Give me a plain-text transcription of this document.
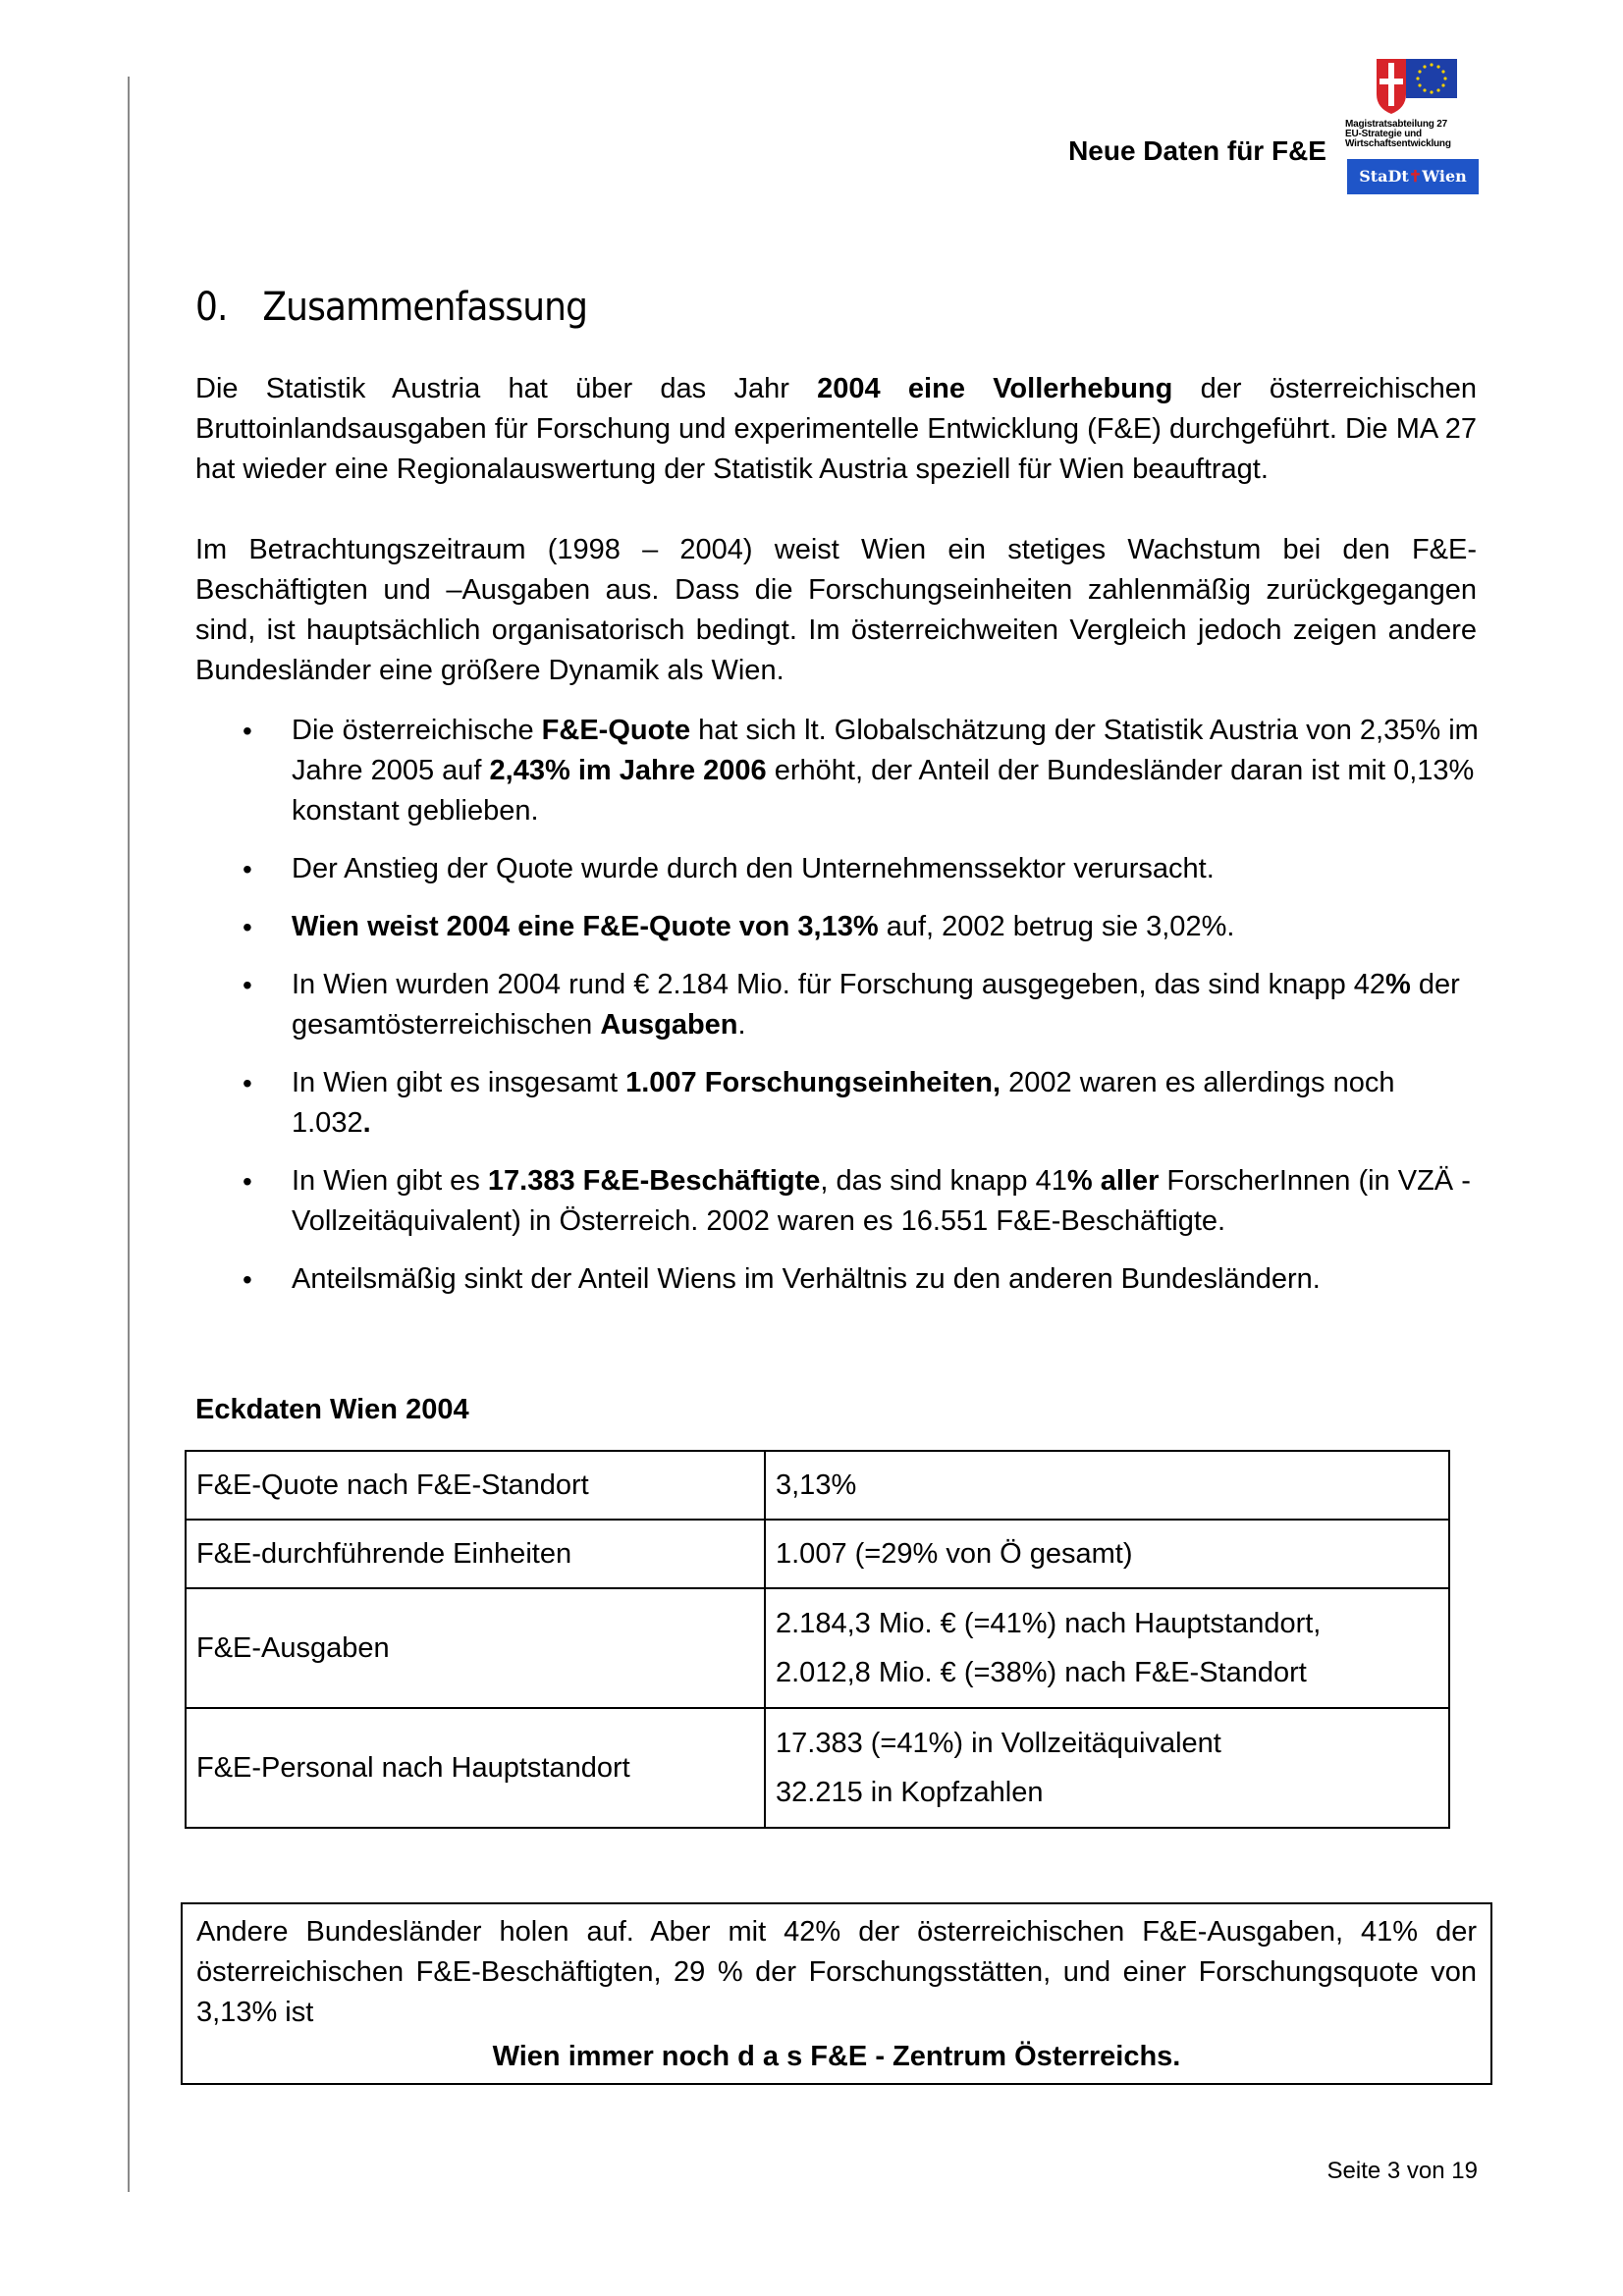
Neue Daten für F&E
Magistratsabteilung 27
EU-Strategie und
Wirtschaftsentwicklung
StaDt✝Wien
0. Zusammenfassung
Die Statistik Austria hat über das Jahr 2004 eine Vollerhebung der österreichischen Bruttoinlandsausgaben für Forschung und experimentelle Entwicklung (F&E) durchgeführt. Die MA 27 hat wieder eine Regionalauswertung der Statistik Austria speziell für Wien beauftragt.
Im Betrachtungszeitraum (1998 – 2004) weist Wien ein stetiges Wachstum bei den F&E-Beschäftigten und –Ausgaben aus. Dass die Forschungseinheiten zahlenmäßig zurückgegangen sind, ist hauptsächlich organisatorisch bedingt. Im österreichweiten Vergleich jedoch zeigen andere Bundesländer eine größere Dynamik als Wien.
• Die österreichische F&E-Quote hat sich lt. Globalschätzung der Statistik Austria von 2,35% im Jahre 2005 auf 2,43% im Jahre 2006 erhöht, der Anteil der Bundesländer daran ist mit 0,13% konstant geblieben.
• Der Anstieg der Quote wurde durch den Unternehmenssektor verursacht.
• Wien weist 2004 eine F&E-Quote von 3,13% auf, 2002 betrug sie 3,02%.
• In Wien wurden 2004 rund € 2.184 Mio. für Forschung ausgegeben, das sind knapp 42% der gesamtösterreichischen Ausgaben.
• In Wien gibt es insgesamt 1.007 Forschungseinheiten, 2002 waren es allerdings noch 1.032.
• In Wien gibt es 17.383 F&E-Beschäftigte, das sind knapp 41% aller ForscherInnen (in VZÄ - Vollzeitäquivalent) in Österreich. 2002 waren es 16.551 F&E-Beschäftigte.
• Anteilsmäßig sinkt der Anteil Wiens im Verhältnis zu den anderen Bundesländern.
Eckdaten Wien 2004
F&E-Quote nach F&E-Standort	3,13%
F&E-durchführende Einheiten	1.007 (=29% von Ö gesamt)
F&E-Ausgaben	2.184,3 Mio. € (=41%) nach Hauptstandort,
2.012,8 Mio. € (=38%) nach F&E-Standort

F&E-Personal nach Hauptstandort	17.383 (=41%) in Vollzeitäquivalent
32.215 in Kopfzahlen
Andere Bundesländer holen auf. Aber mit 42% der österreichischen F&E-Ausgaben, 41% der österreichischen F&E-Beschäftigten, 29 % der Forschungsstätten, und einer Forschungsquote von 3,13% ist
Wien immer noch d a s F&E - Zentrum Österreichs.
Seite 3 von 19
